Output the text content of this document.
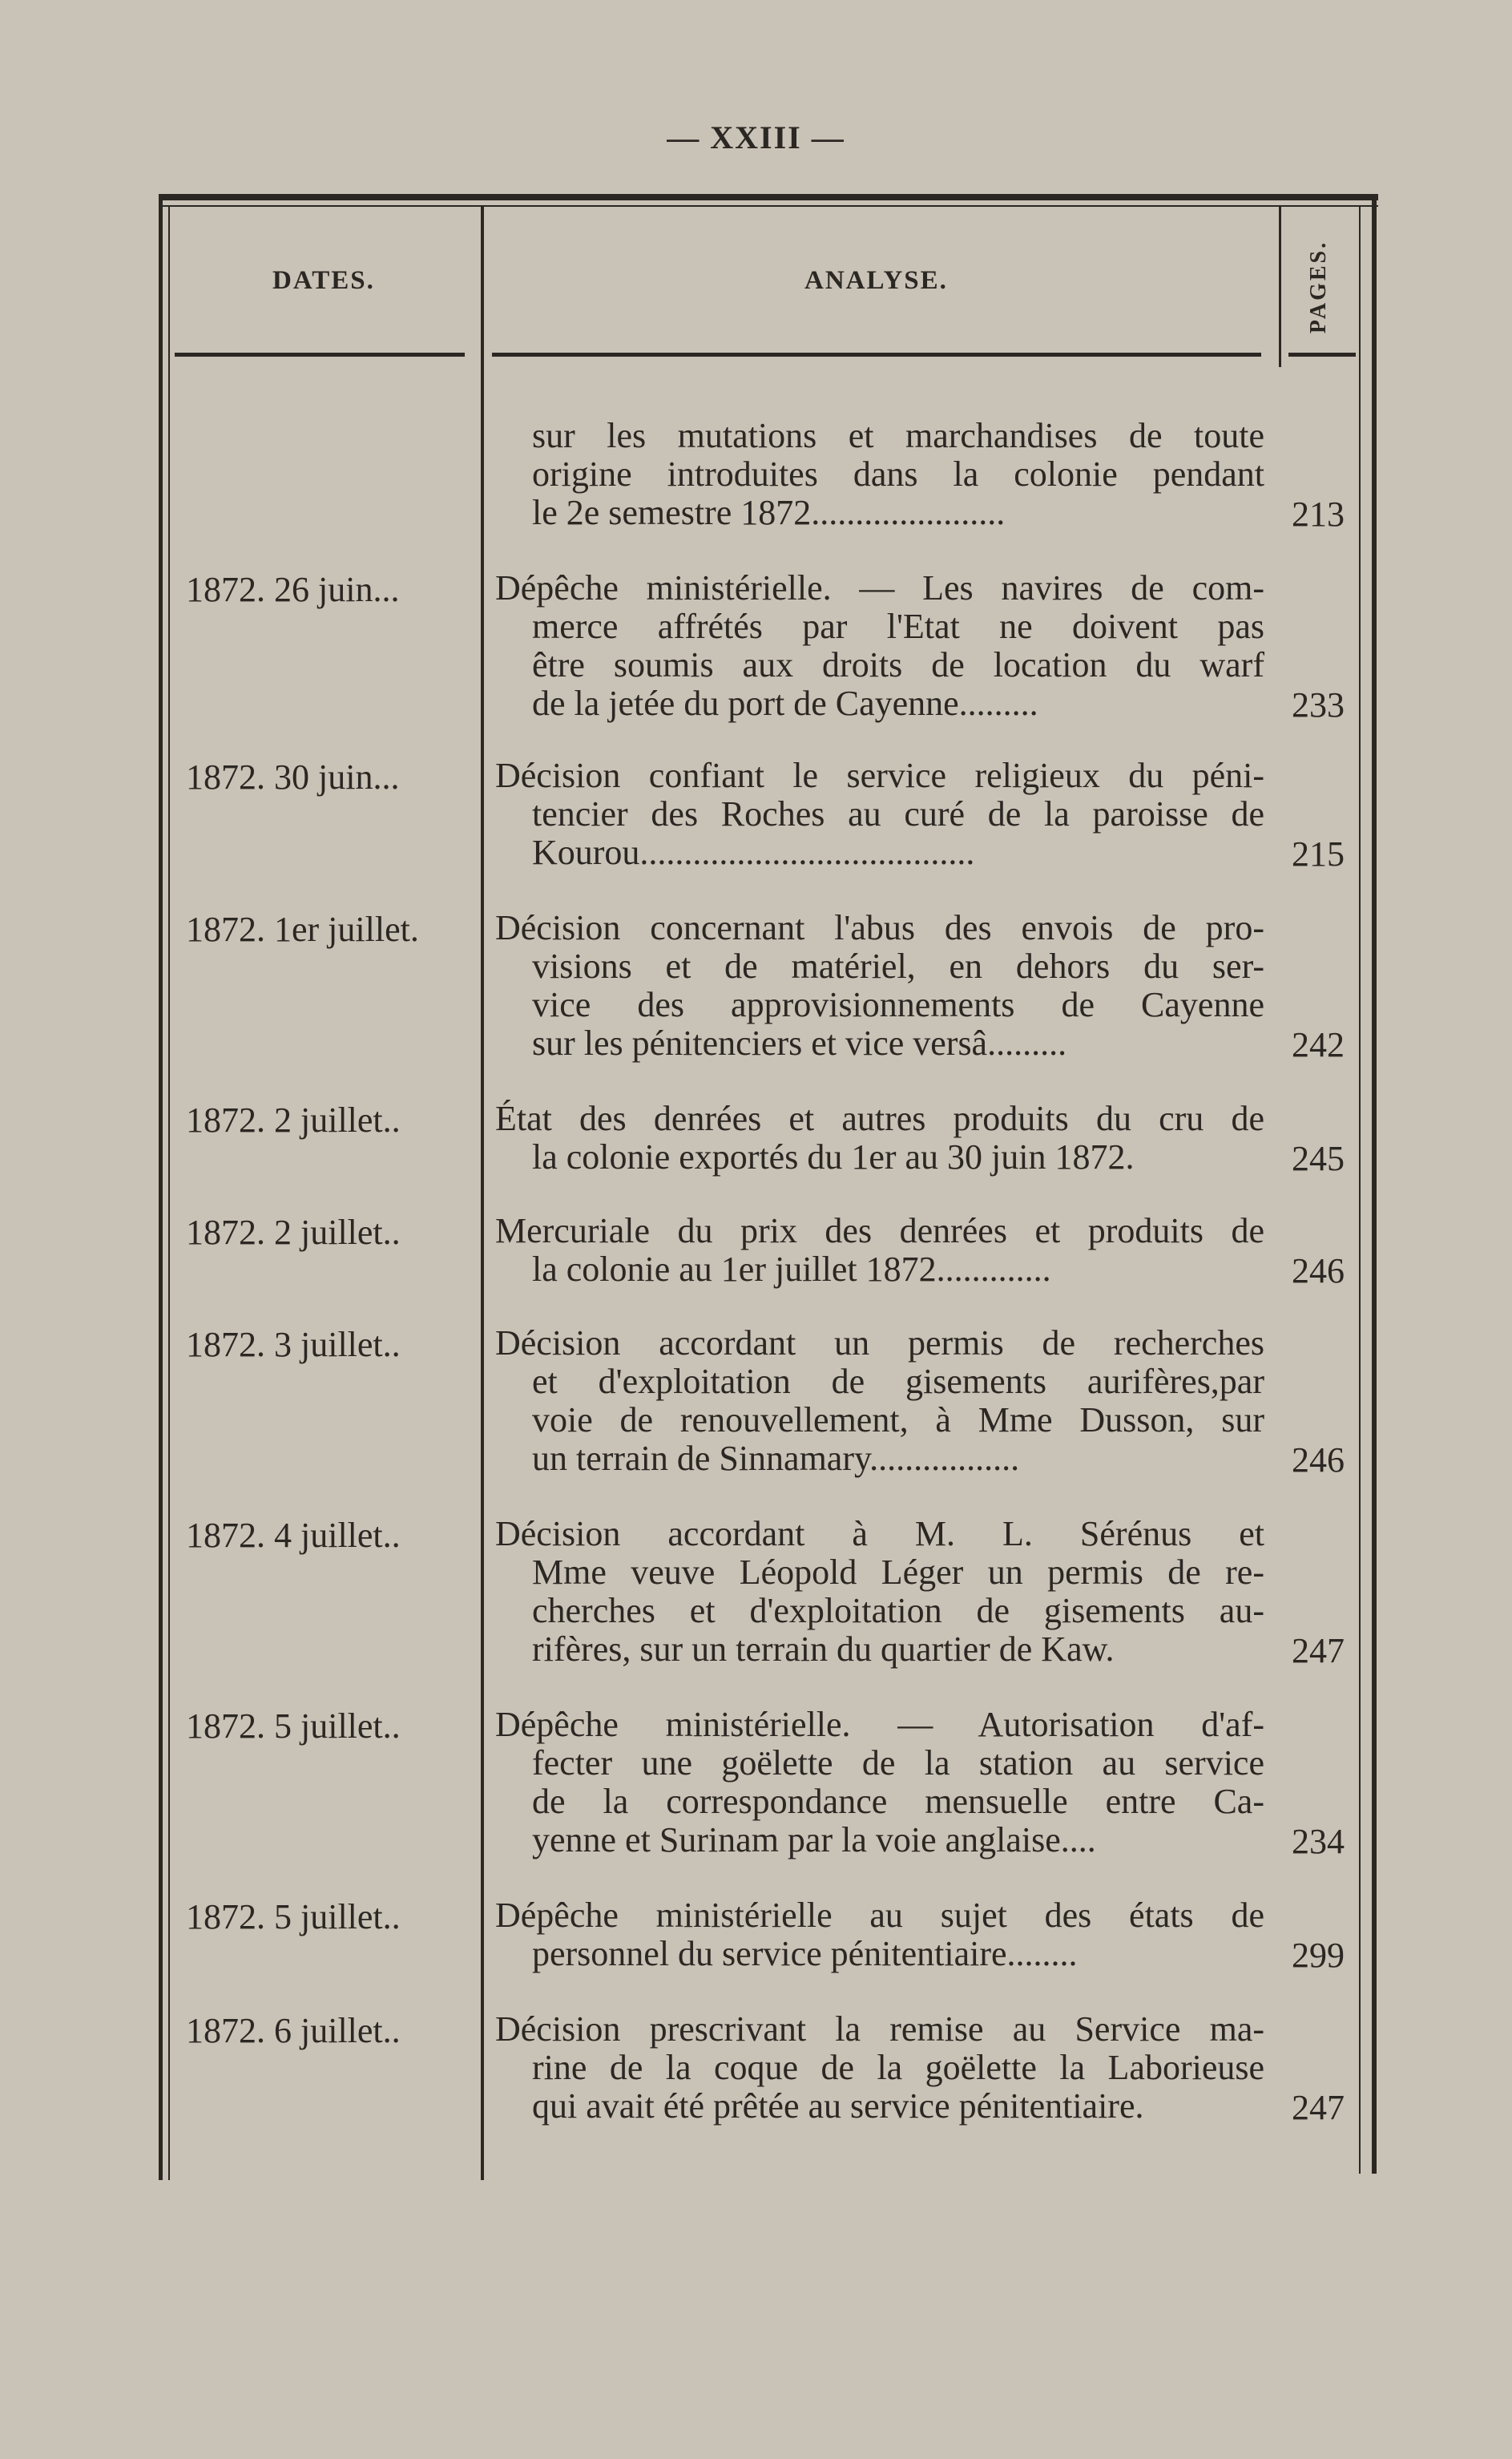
— XXIII —
DATES.	ANALYSE.	PAGES.
sur les mutations et marchandises de toute
origine introduites dans la colonie pendant
le 2e semestre 1872......................	213
1872. 26 juin...	Dépêche ministérielle. — Les navires de com-
merce affrétés par l'Etat ne doivent pas
être soumis aux droits de location du warf
de la jetée du port de Cayenne.........	233
1872. 30 juin...	Décision confiant le service religieux du péni-
tencier des Roches au curé de la paroisse de
Kourou......................................	215
1872. 1er juillet. Décision concernant l'abus des envois de pro-
visions et de matériel, en dehors du ser-
vice des approvisionnements de Cayenne
sur les pénitenciers et vice versâ.........	242
1872. 2 juillet..	État des denrées et autres produits du cru de
la colonie exportés du 1er au 30 juin 1872.	245
1872. 2 juillet..	Mercuriale du prix des denrées et produits de
la colonie au 1er juillet 1872.............	246
1872. 3 juillet..	Décision accordant un permis de recherches
et d'exploitation de gisements aurifères,par
voie de renouvellement, à Mme Dusson, sur
un terrain de Sinnamary.................	246
1872. 4 juillet..	Décision accordant à M. L. Sérénus et
Mme veuve Léopold Léger un permis de re-
cherches et d'exploitation de gisements au-
rifères, sur un terrain du quartier de Kaw.	247
1872. 5 juillet..	Dépêche ministérielle. — Autorisation d'af-
fecter une goëlette de la station au service
de la correspondance mensuelle entre Ca-
yenne et Surinam par la voie anglaise....	234
1872. 5 juillet..	Dépêche ministérielle au sujet des états de
personnel du service pénitentiaire........	299
1872. 6 juillet..	Décision prescrivant la remise au Service ma-
rine de la coque de la goëlette la Laborieuse
qui avait été prêtée au service pénitentiaire.	247
